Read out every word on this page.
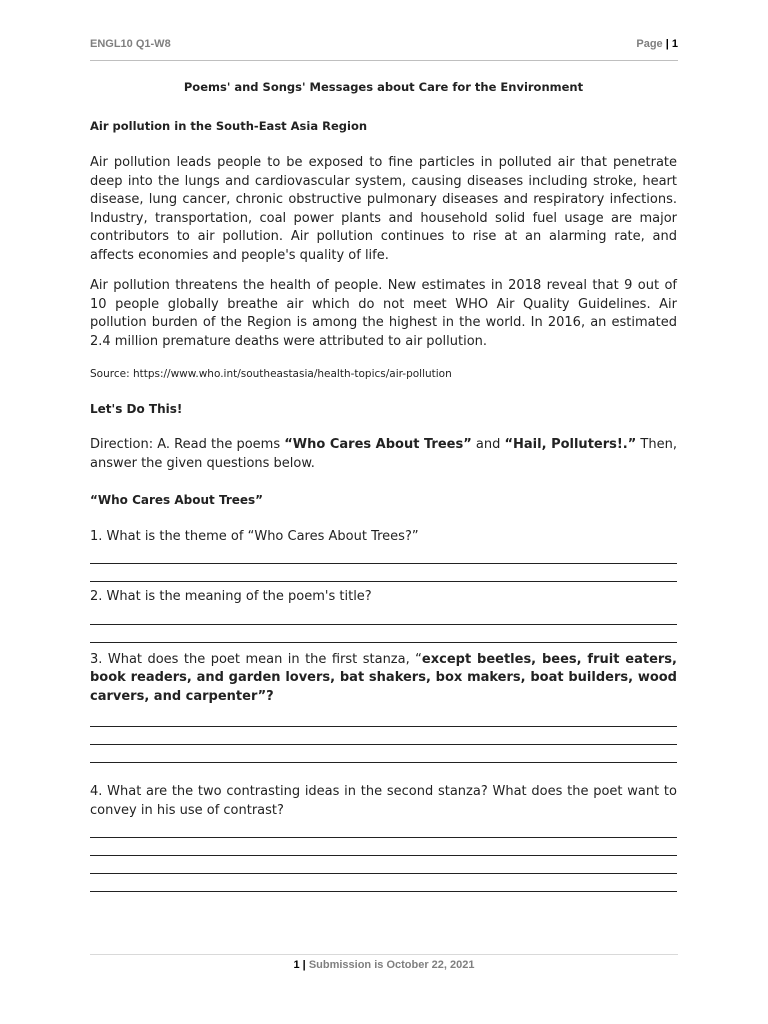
ENGL10 Q1-W8	Page | 1

Poems' and Songs' Messages about Care for the Environment

Air pollution in the South-East Asia Region

Air pollution leads people to be exposed to fine particles in polluted air that penetrate deep into the lungs and cardiovascular system, causing diseases including stroke, heart disease, lung cancer, chronic obstructive pulmonary diseases and respiratory infections. Industry, transportation, coal power plants and household solid fuel usage are major contributors to air pollution. Air pollution continues to rise at an alarming rate, and affects economies and people's quality of life.

Air pollution threatens the health of people. New estimates in 2018 reveal that 9 out of 10 people globally breathe air which do not meet WHO Air Quality Guidelines. Air pollution burden of the Region is among the highest in the world. In 2016, an estimated 2.4 million premature deaths were attributed to air pollution.

Source: https://www.who.int/southeastasia/health-topics/air-pollution

Let's Do This!

Direction: A. Read the poems “Who Cares About Trees” and “Hail, Polluters!.” Then, answer the given questions below.

“Who Cares About Trees”

1. What is the theme of “Who Cares About Trees?”

2. What is the meaning of the poem's title?

3. What does the poet mean in the first stanza, “except beetles, bees, fruit eaters, book readers, and garden lovers, bat shakers, box makers, boat builders, wood carvers, and carpenter”?

4. What are the two contrasting ideas in the second stanza? What does the poet want to convey in his use of contrast?

1 | Submission is October 22, 2021
